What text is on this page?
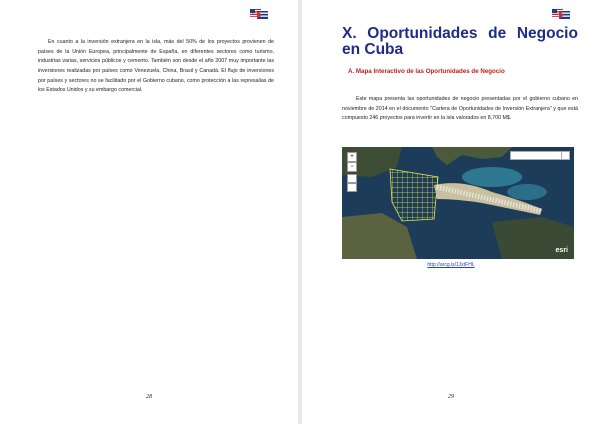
En cuanto a la inversión extranjera en la isla, más del 50% de los proyectos provienen de países de la Unión Europea, principalmente de España, en diferentes sectores como turismo, industrias varias, servicios públicos y cemento. También son desde el año 2007 muy importante las inversiones realizadas por países como Venezuela, China, Brasil y Canadá. El flujo de inversiones por países y sectores no se facilitado por el Gobierno cubano, como protección a las represalias de los Estados Unidos y su embargo comercial.

28
X. Oportunidades de Negocio
en Cuba
A. Mapa Interactivo de las Oportunidades de Negocio

Este mapa presenta las oportunidades de negocio presentadas por el gobierno cubano en noviembre de 2014 en el documento "Cartera de Oportunidades de Inversión Extranjera" y que está compuesto 246 proyectos para invertir en la isla valorados en 8,700 M$.

+
−
esri
http://arcg.is/1JxtFHL
29
